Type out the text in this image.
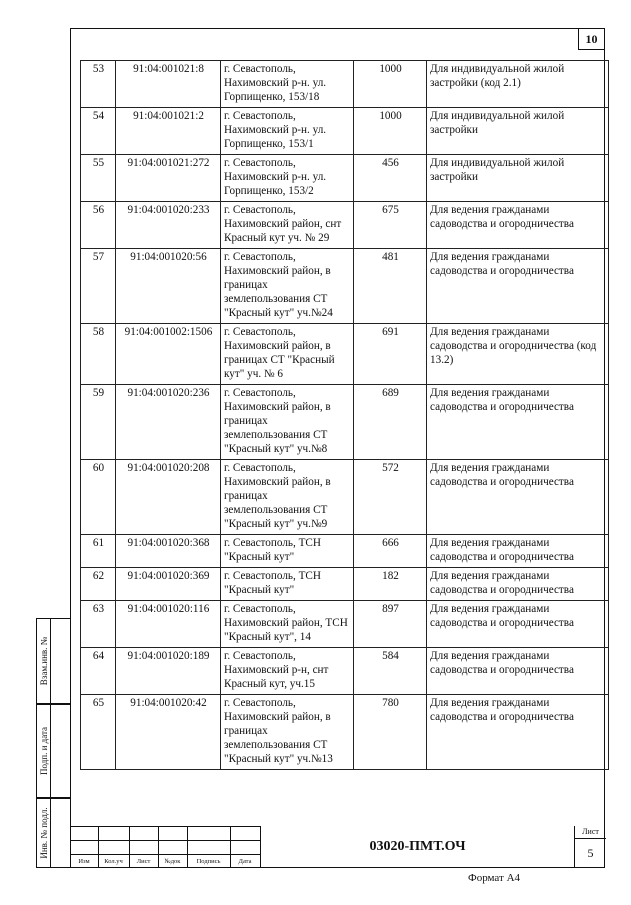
10
53	91:04:001021:8	г. Севастополь, Нахимовский р-н. ул. Горпищенко, 153/18	1000	Для индивидуальной жилой застройки (код 2.1)
54	91:04:001021:2	г. Севастополь, Нахимовский р-н. ул. Горпищенко, 153/1	1000	Для индивидуальной жилой застройки
55	91:04:001021:272	г. Севастополь, Нахимовский р-н. ул. Горпищенко, 153/2	456	Для индивидуальной жилой застройки
56	91:04:001020:233	г. Севастополь, Нахимовский район, снт Красный кут уч. № 29	675	Для ведения гражданами садоводства и огородничества
57	91:04:001020:56	г. Севастополь, Нахимовский район, в границах землепользования СТ "Красный кут" уч.№24	481	Для ведения гражданами садоводства и огородничества
58	91:04:001002:1506	г. Севастополь, Нахимовский район, в границах СТ "Красный кут" уч. № 6	691	Для ведения гражданами садоводства и огородничества (код 13.2)
59	91:04:001020:236	г. Севастополь, Нахимовский район, в границах землепользования СТ "Красный кут" уч.№8	689	Для ведения гражданами садоводства и огородничества
60	91:04:001020:208	г. Севастополь, Нахимовский район, в границах землепользования СТ "Красный кут" уч.№9	572	Для ведения гражданами садоводства и огородничества
61	91:04:001020:368	г. Севастополь, ТСН "Красный кут"	666	Для ведения гражданами садоводства и огородничества
62	91:04:001020:369	г. Севастополь, ТСН "Красный кут"	182	Для ведения гражданами садоводства и огородничества
63	91:04:001020:116	г. Севастополь, Нахимовский район, ТСН "Красный кут", 14	897	Для ведения гражданами садоводства и огородничества
64	91:04:001020:189	г. Севастополь, Нахимовский р-н, снт Красный кут, уч.15	584	Для ведения гражданами садоводства и огородничества
65	91:04:001020:42	г. Севастополь, Нахимовский район, в границах землепользования СТ "Красный кут" уч.№13	780	Для ведения гражданами садоводства и огородничества
Взам.инв. №
Подп. и дата
Инв. № подл.
Изм	Кол.уч	Лист	№док	Подпись	Дата
03020-ПМТ.ОЧ
Лист
5
Формат А4
